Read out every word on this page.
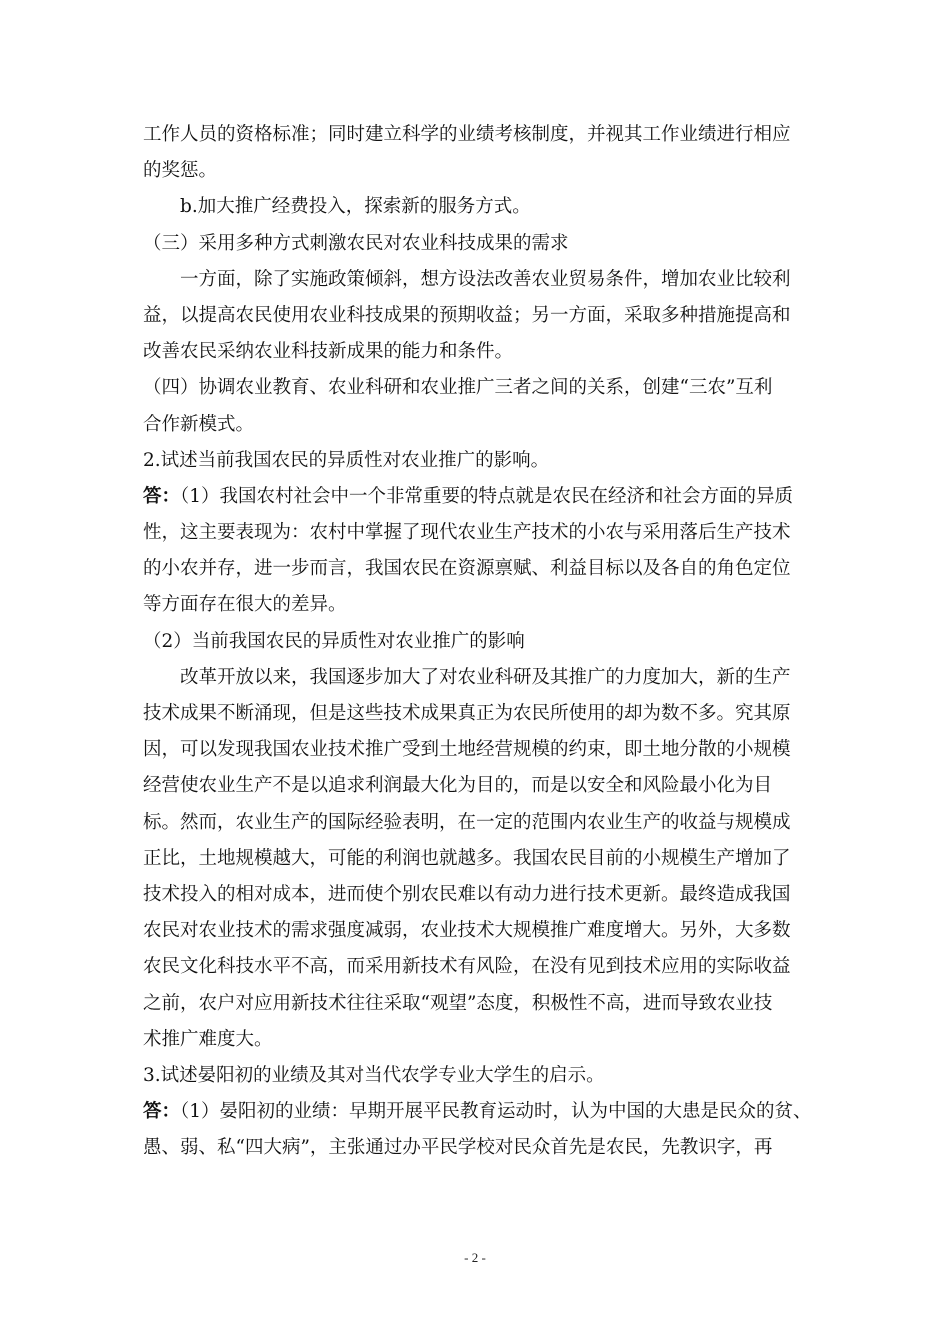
工作人员的资格标准；同时建立科学的业绩考核制度，并视其工作业绩进行相应
的奖惩。
b.加大推广经费投入，探索新的服务方式。
（三）采用多种方式刺激农民对农业科技成果的需求
一方面，除了实施政策倾斜，想方设法改善农业贸易条件，增加农业比较利
益，以提高农民使用农业科技成果的预期收益；另一方面，采取多种措施提高和
改善农民采纳农业科技新成果的能力和条件。
（四）协调农业教育、农业科研和农业推广三者之间的关系，创建“三农”互利
合作新模式。
2.试述当前我国农民的异质性对农业推广的影响。
答：（1）我国农村社会中一个非常重要的特点就是农民在经济和社会方面的异质
性，这主要表现为：农村中掌握了现代农业生产技术的小农与采用落后生产技术
的小农并存，进一步而言，我国农民在资源禀赋、利益目标以及各自的角色定位
等方面存在很大的差异。
（2）当前我国农民的异质性对农业推广的影响
改革开放以来，我国逐步加大了对农业科研及其推广的力度加大，新的生产
技术成果不断涌现，但是这些技术成果真正为农民所使用的却为数不多。究其原
因，可以发现我国农业技术推广受到土地经营规模的约束，即土地分散的小规模
经营使农业生产不是以追求利润最大化为目的，而是以安全和风险最小化为目
标。然而，农业生产的国际经验表明，在一定的范围内农业生产的收益与规模成
正比，土地规模越大，可能的利润也就越多。我国农民目前的小规模生产增加了
技术投入的相对成本，进而使个别农民难以有动力进行技术更新。最终造成我国
农民对农业技术的需求强度减弱，农业技术大规模推广难度增大。另外，大多数
农民文化科技水平不高，而采用新技术有风险，在没有见到技术应用的实际收益
之前，农户对应用新技术往往采取“观望”态度，积极性不高，进而导致农业技
术推广难度大。
3.试述晏阳初的业绩及其对当代农学专业大学生的启示。
答：（1）晏阳初的业绩：早期开展平民教育运动时，认为中国的大患是民众的贫、
愚、弱、私“四大病”，主张通过办平民学校对民众首先是农民，先教识字，再
- 2 -
